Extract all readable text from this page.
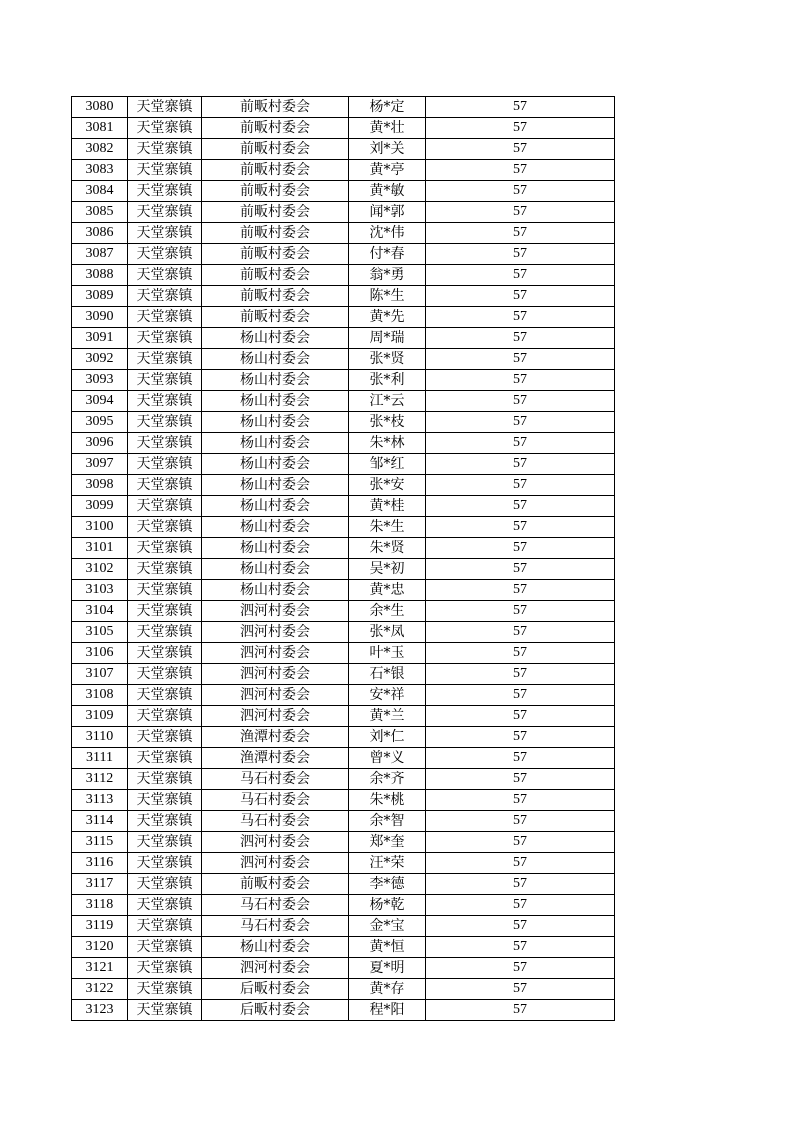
3080	天堂寨镇	前畈村委会	杨*定	57
3081	天堂寨镇	前畈村委会	黄*壮	57
3082	天堂寨镇	前畈村委会	刘*关	57
3083	天堂寨镇	前畈村委会	黄*亭	57
3084	天堂寨镇	前畈村委会	黄*敏	57
3085	天堂寨镇	前畈村委会	闻*郭	57
3086	天堂寨镇	前畈村委会	沈*伟	57
3087	天堂寨镇	前畈村委会	付*春	57
3088	天堂寨镇	前畈村委会	翁*勇	57
3089	天堂寨镇	前畈村委会	陈*生	57
3090	天堂寨镇	前畈村委会	黄*先	57
3091	天堂寨镇	杨山村委会	周*瑞	57
3092	天堂寨镇	杨山村委会	张*贤	57
3093	天堂寨镇	杨山村委会	张*利	57
3094	天堂寨镇	杨山村委会	江*云	57
3095	天堂寨镇	杨山村委会	张*枝	57
3096	天堂寨镇	杨山村委会	朱*林	57
3097	天堂寨镇	杨山村委会	邹*红	57
3098	天堂寨镇	杨山村委会	张*安	57
3099	天堂寨镇	杨山村委会	黄*桂	57
3100	天堂寨镇	杨山村委会	朱*生	57
3101	天堂寨镇	杨山村委会	朱*贤	57
3102	天堂寨镇	杨山村委会	吴*初	57
3103	天堂寨镇	杨山村委会	黄*忠	57
3104	天堂寨镇	泗河村委会	余*生	57
3105	天堂寨镇	泗河村委会	张*凤	57
3106	天堂寨镇	泗河村委会	叶*玉	57
3107	天堂寨镇	泗河村委会	石*银	57
3108	天堂寨镇	泗河村委会	安*祥	57
3109	天堂寨镇	泗河村委会	黄*兰	57
3110	天堂寨镇	渔潭村委会	刘*仁	57
3111	天堂寨镇	渔潭村委会	曾*义	57
3112	天堂寨镇	马石村委会	余*齐	57
3113	天堂寨镇	马石村委会	朱*桃	57
3114	天堂寨镇	马石村委会	余*智	57
3115	天堂寨镇	泗河村委会	郑*奎	57
3116	天堂寨镇	泗河村委会	汪*荣	57
3117	天堂寨镇	前畈村委会	李*德	57
3118	天堂寨镇	马石村委会	杨*乾	57
3119	天堂寨镇	马石村委会	金*宝	57
3120	天堂寨镇	杨山村委会	黄*恒	57
3121	天堂寨镇	泗河村委会	夏*明	57
3122	天堂寨镇	后畈村委会	黄*存	57
3123	天堂寨镇	后畈村委会	程*阳	57
